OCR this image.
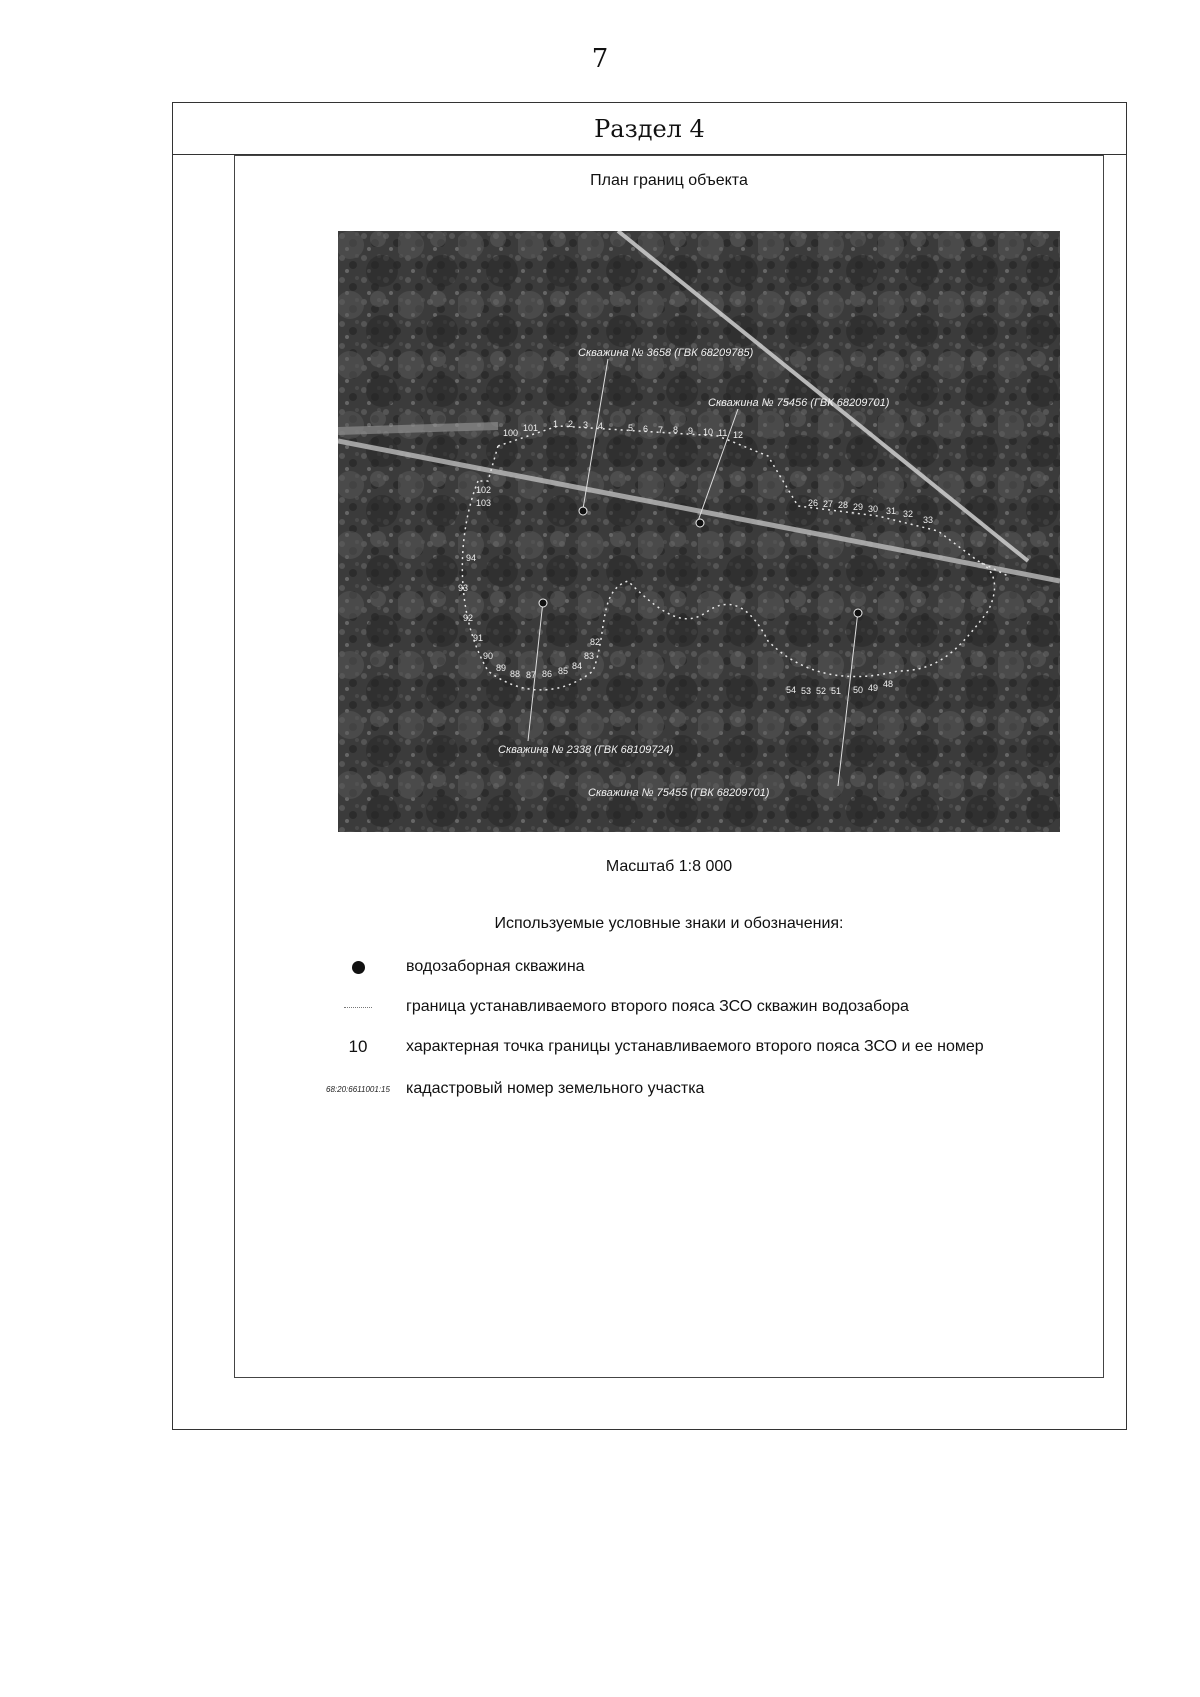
7
Раздел 4
План границ объекта
Скважина № 3658 (ГВК 68209785)
Скважина № 75456 (ГВК 68209701)
Скважина № 2338 (ГВК 68109724)
Скважина № 75455 (ГВК 68209701)
100 101 1 2 3 4	5 6 7 8 9 10 11 12
26 27 28 29 30 31 32
33
54 53 52 51 50 49 48
102
103
94
93
92
91
90
89
88 87 86 85 84
83
82
Масштаб 1:8 000
Используемые условные знаки и обозначения:
водозаборная скважина
граница устанавливаемого второго пояса ЗСО скважин водозабора
10 характерная точка границы устанавливаемого второго пояса ЗСО и ее номер
68:20:6611001:15 кадастровый номер земельного участка
